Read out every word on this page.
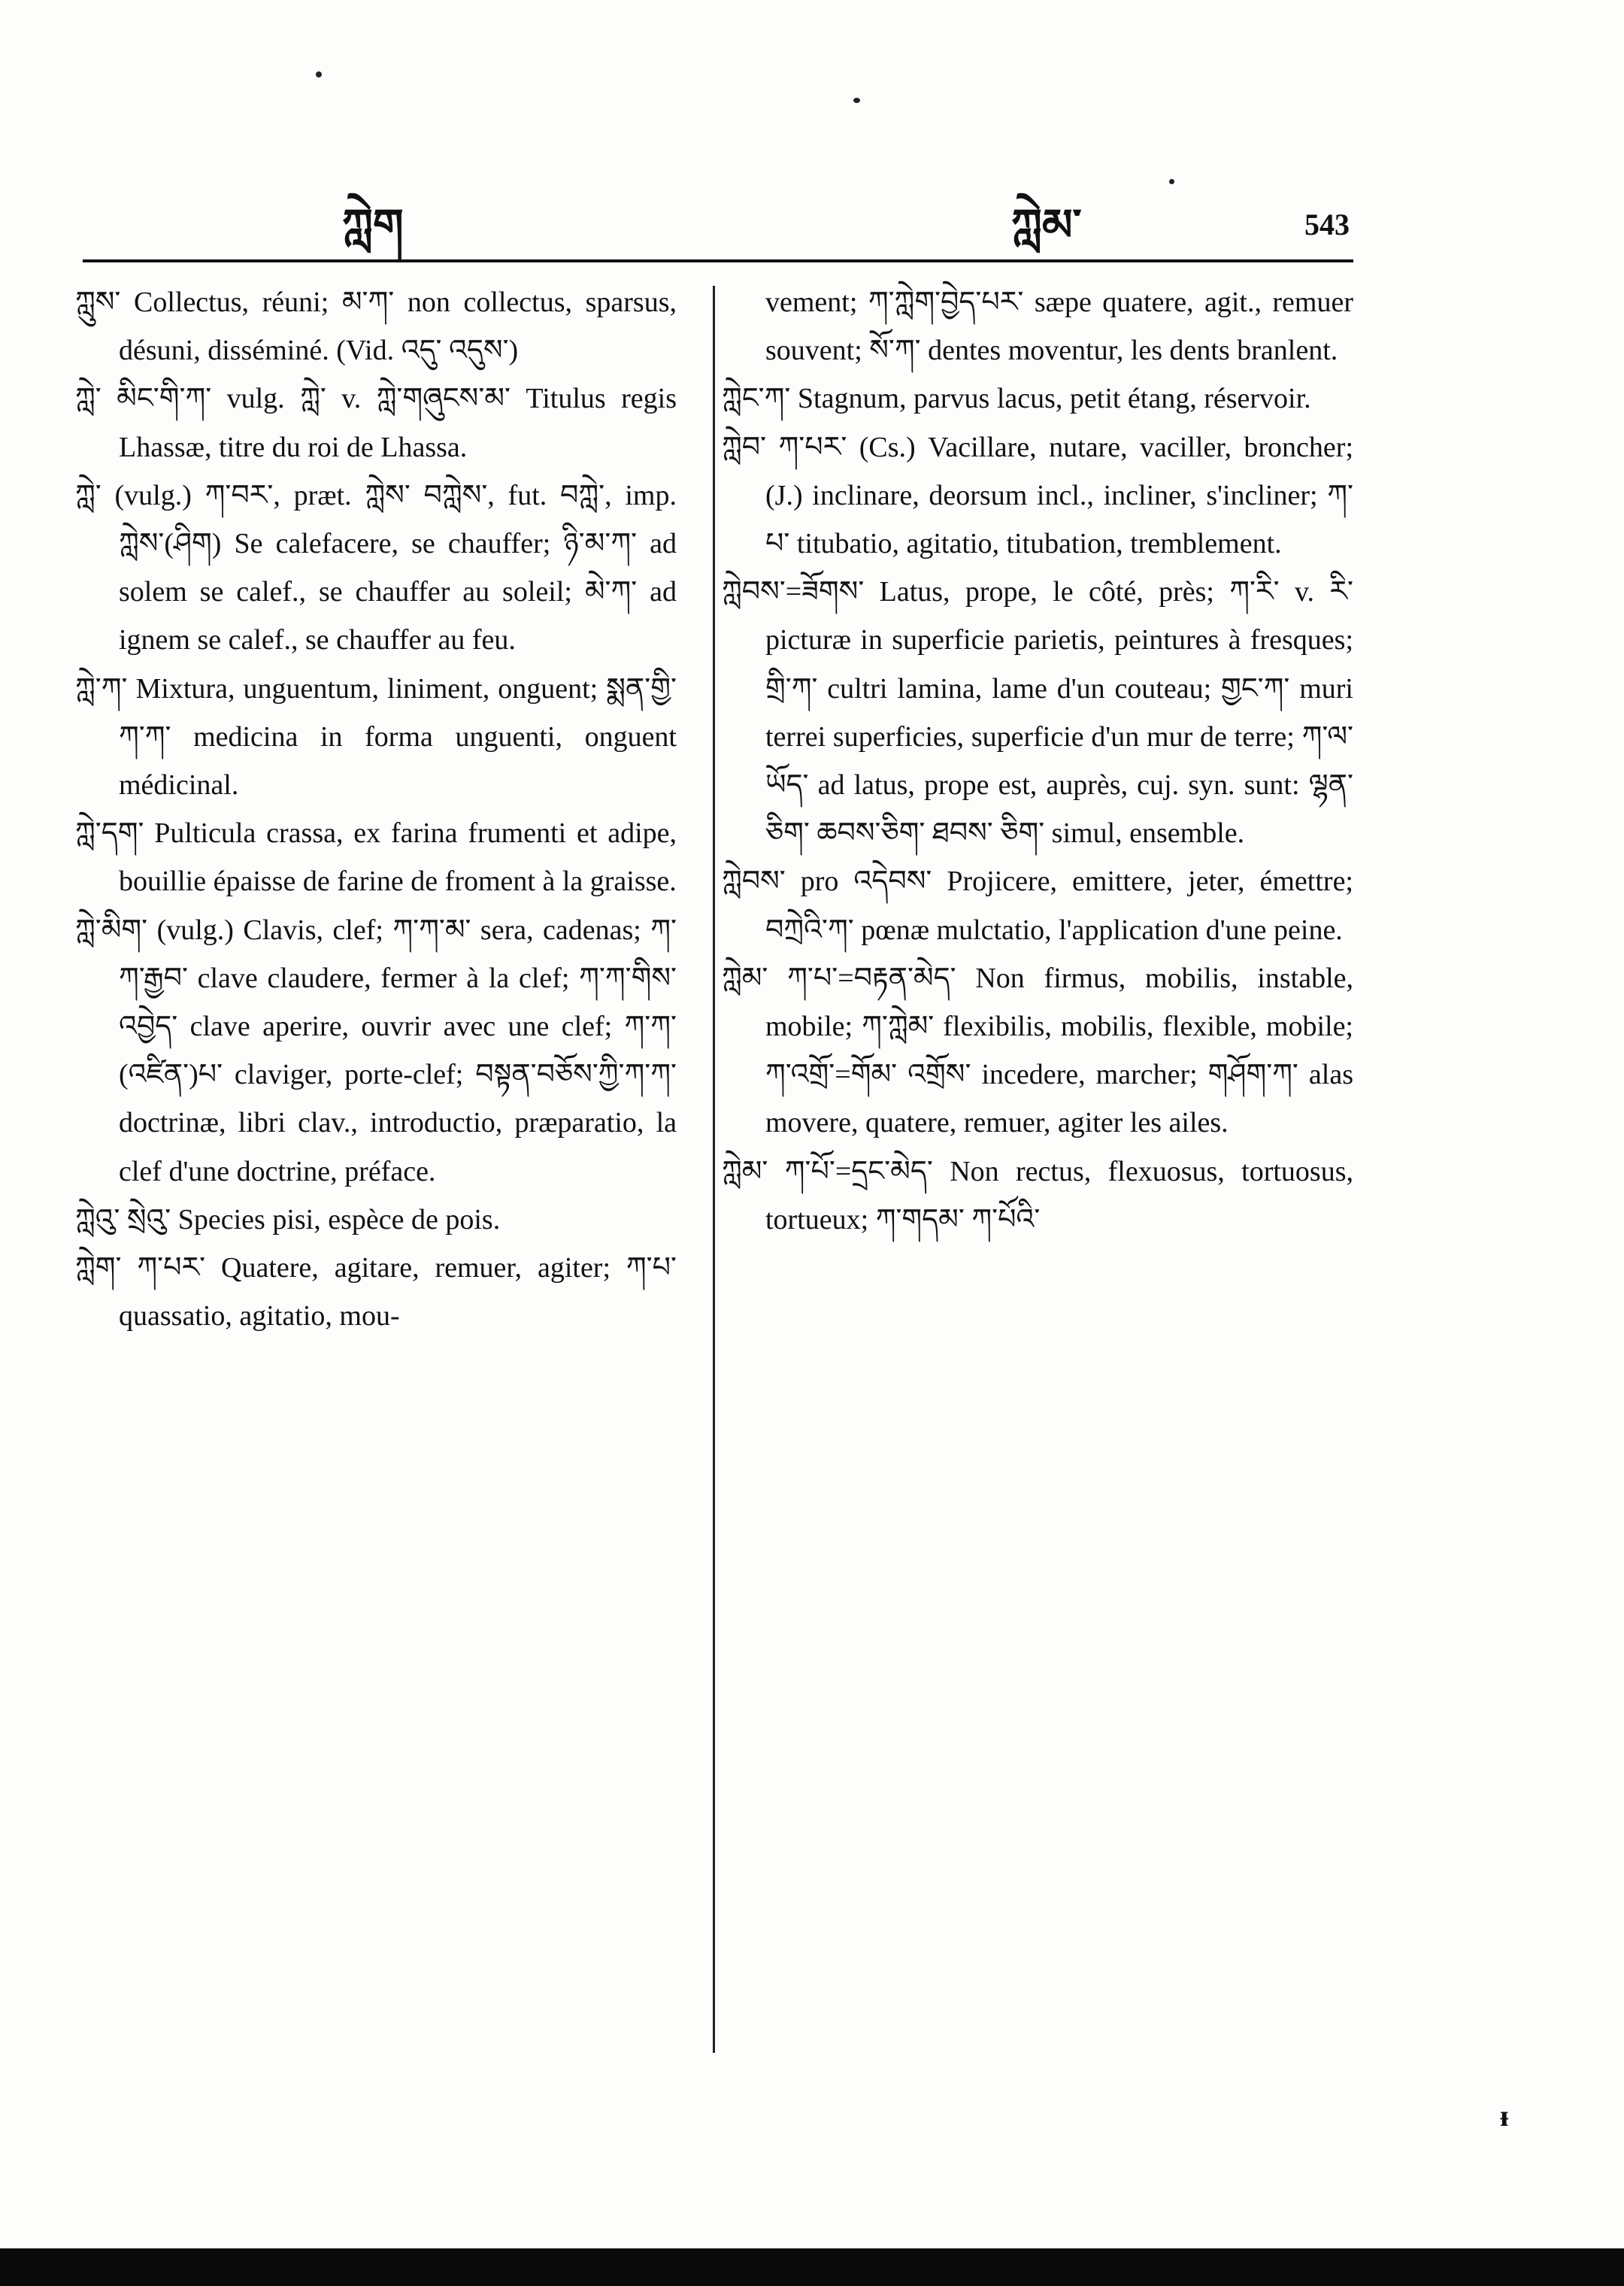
ཀླེག	ཀླེམ་	543
ཀླུས་ Collectus, réuni; མ་ཀ་ non collectus, sparsus, désuni, disséminé. (Vid. འདུ་ འདུས་)
ཀླེ་ མིང་གི་ཀ་ vulg. ཀླེ་ v. ཀླེ་གཞུངས་མ་ Titulus regis Lhassæ, titre du roi de Lhassa.
ཀླེ་ (vulg.) ཀ་བར་, præt. ཀླེས་ བཀླེས་, fut. བཀླེ་, imp. ཀླེས་(ཤིག) Se calefacere, se chauffer; ཉི་མ་ཀ་ ad solem se calef., se chauffer au soleil; མེ་ཀ་ ad ignem se calef., se chauffer au feu.
ཀླེ་ཀ་ Mixtura, unguentum, liniment, onguent; སྨན་གྱི་ཀ་ཀ་ medicina in forma unguenti, onguent médicinal.
ཀླེ་དག་ Pulticula crassa, ex farina frumenti et adipe, bouillie épaisse de farine de froment à la graisse.
ཀླེ་མིག་ (vulg.) Clavis, clef; ཀ་ཀ་མ་ sera, cadenas; ཀ་ཀ་རྒྱབ་ clave claudere, fermer à la clef; ཀ་ཀ་གིས་འབྱེད་ clave aperire, ouvrir avec une clef; ཀ་ཀ་ (འཛིན་)པ་ claviger, porte-clef; བསྟན་བཅོས་ཀྱི་ཀ་ཀ་ doctrinæ, libri clav., introductio, præparatio, la clef d'une doctrine, préface.
ཀླེའུ་ སྲེའུ་ Species pisi, espèce de pois.
ཀླེག་ ཀ་པར་ Quatere, agitare, remuer, agiter; ཀ་པ་ quassatio, agitatio, mou-
vement; ཀ་ཀླེག་བྱེད་པར་ sæpe quatere, agit., remuer souvent; སོ་ཀ་ dentes moventur, les dents branlent.
ཀླེང་ཀ་ Stagnum, parvus lacus, petit étang, réservoir.
ཀླེབ་ ཀ་པར་ (Cs.) Vacillare, nutare, vaciller, broncher; (J.) inclinare, deorsum incl., incliner, s'incliner; ཀ་པ་ titubatio, agitatio, titubation, tremblement.
ཀླེབས་=ཟོགས་ Latus, prope, le côté, près; ཀ་རི་ v. རི་ picturæ in superficie parietis, peintures à fresques; གྲི་ཀ་ cultri lamina, lame d'un couteau; གྱང་ཀ་ muri terrei superficies, superficie d'un mur de terre; ཀ་ལ་ཡོད་ ad latus, prope est, auprès, cuj. syn. sunt: ལྷན་ཅིག་ ཆབས་ཅིག་ ཐབས་ ཅིག་ simul, ensemble.
ཀླེབས་ pro འདེབས་ Projicere, emittere, jeter, émettre; བཀྲེའི་ཀ་ pœnæ mulctatio, l'application d'une peine.
ཀླེམ་ ཀ་པ་=བརྟན་མེད་ Non firmus, mobilis, instable, mobile; ཀ་ཀླེམ་ flexibilis, mobilis, flexible, mobile; ཀ་འགྲོ་=གོམ་ འགྲོས་ incedere, marcher; གཤོག་ཀ་ alas movere, quatere, remuer, agiter les ailes.
ཀླེམ་ ཀ་པོ་=དྲང་མེད་ Non rectus, flexuosus, tortuosus, tortueux; ཀ་གདམ་ ཀ་པོའི་
ᵻ
